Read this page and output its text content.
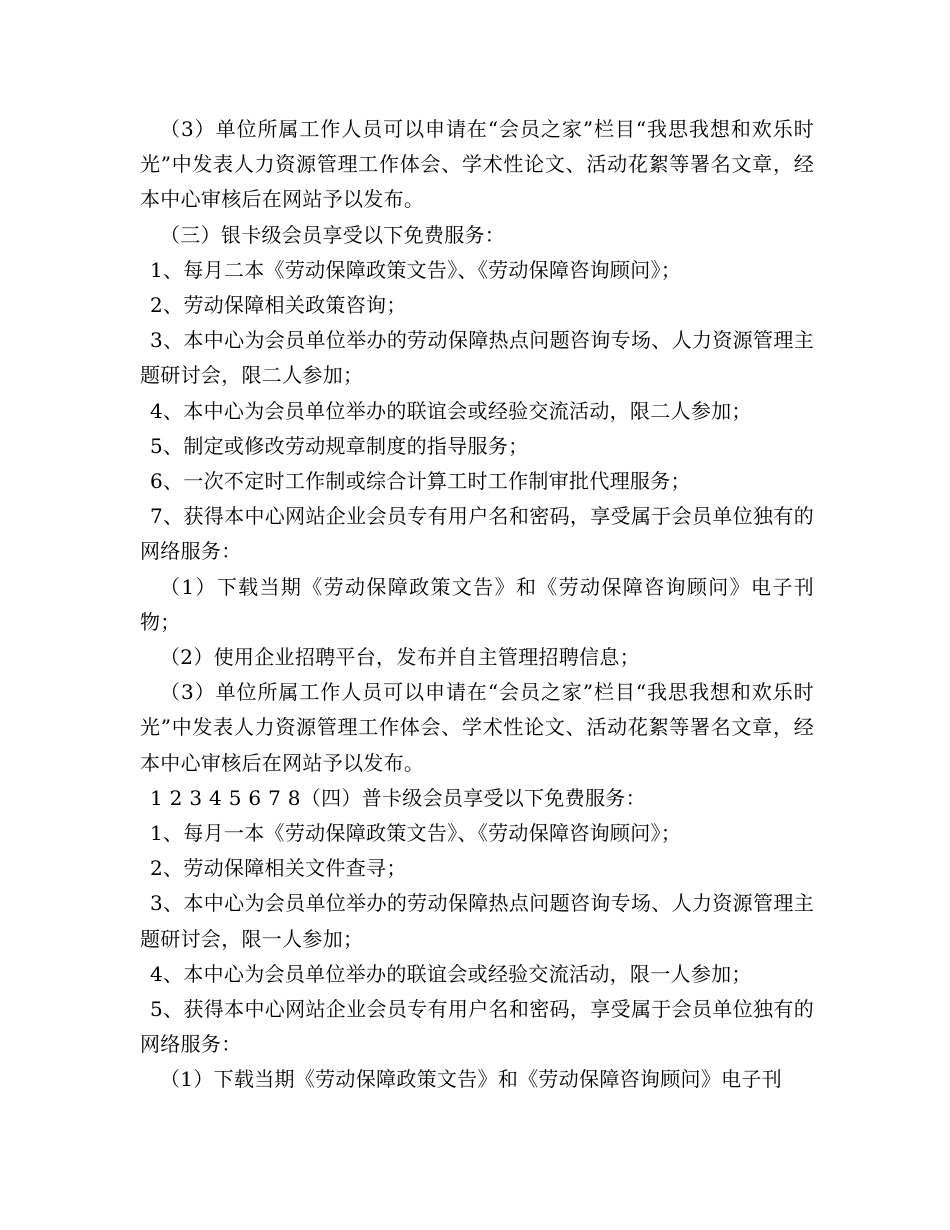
（3）单位所属工作人员可以申请在“会员之家”栏目“我思我想和欢乐时光”中发表人力资源管理工作体会、学术性论文、活动花絮等署名文章，经本中心审核后在网站予以发布。

（三）银卡级会员享受以下免费服务：

1、每月二本《劳动保障政策文告》、《劳动保障咨询顾问》；

2、劳动保障相关政策咨询；

3、本中心为会员单位举办的劳动保障热点问题咨询专场、人力资源管理主题研讨会，限二人参加；

4、本中心为会员单位举办的联谊会或经验交流活动，限二人参加；

5、制定或修改劳动规章制度的指导服务；

6、一次不定时工作制或综合计算工时工作制审批代理服务；

7、获得本中心网站企业会员专有用户名和密码，享受属于会员单位独有的网络服务：

（1）下载当期《劳动保障政策文告》和《劳动保障咨询顾问》电子刊物；

（2）使用企业招聘平台，发布并自主管理招聘信息；

（3）单位所属工作人员可以申请在“会员之家”栏目“我思我想和欢乐时光”中发表人力资源管理工作体会、学术性论文、活动花絮等署名文章，经本中心审核后在网站予以发布。

1 2 3 4 5 6 7 8（四）普卡级会员享受以下免费服务：

1、每月一本《劳动保障政策文告》、《劳动保障咨询顾问》；

2、劳动保障相关文件查寻；

3、本中心为会员单位举办的劳动保障热点问题咨询专场、人力资源管理主题研讨会，限一人参加；

4、本中心为会员单位举办的联谊会或经验交流活动，限一人参加；

5、获得本中心网站企业会员专有用户名和密码，享受属于会员单位独有的网络服务：

（1）下载当期《劳动保障政策文告》和《劳动保障咨询顾问》电子刊
